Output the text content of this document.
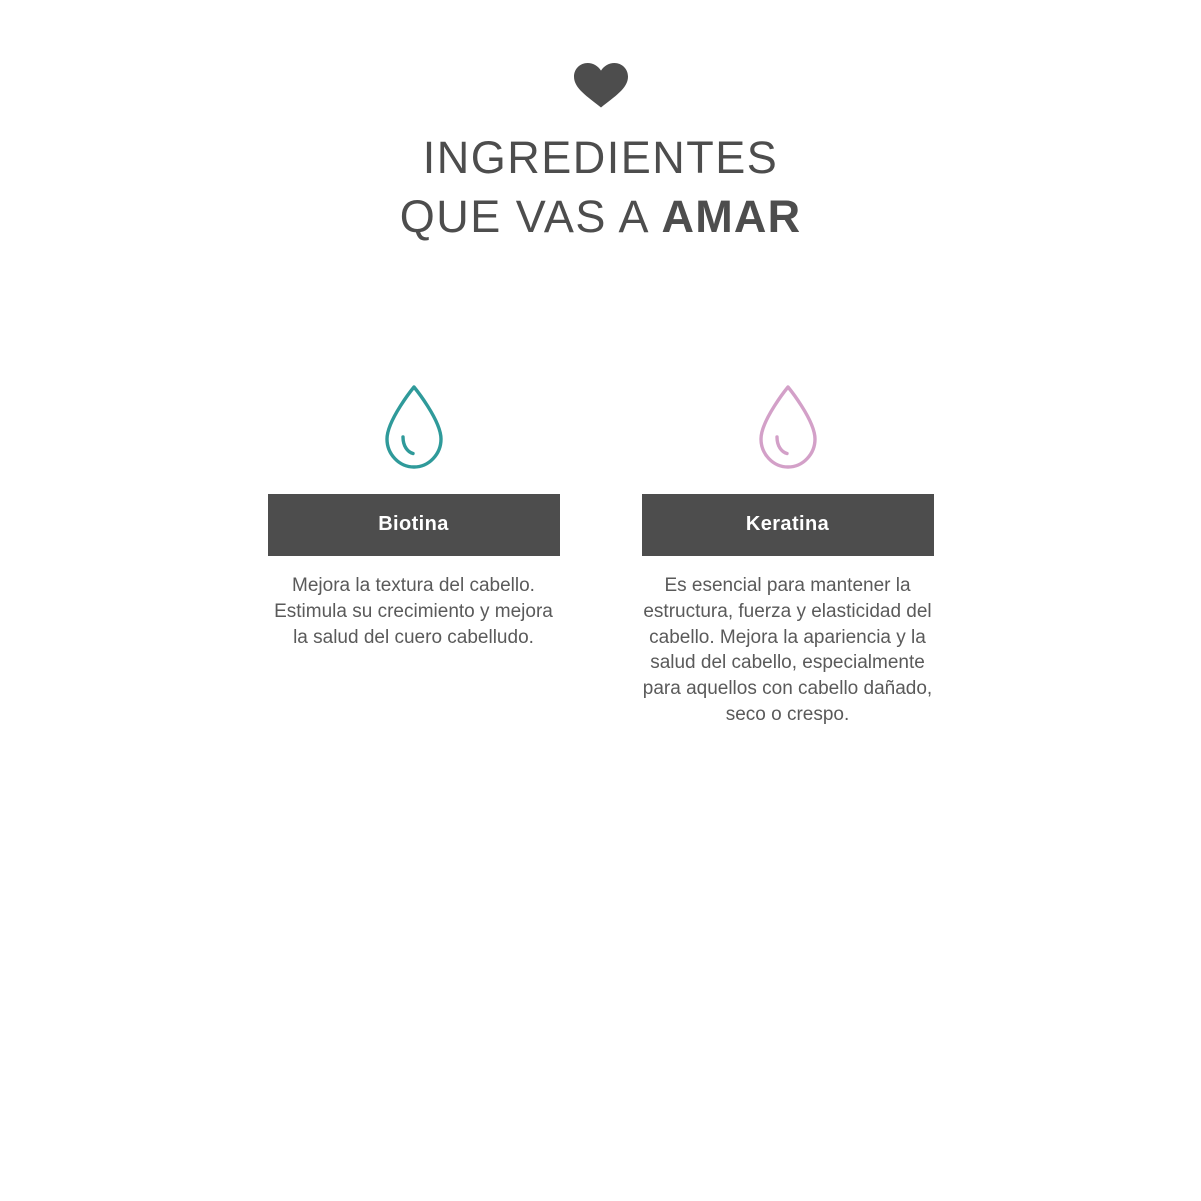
INGREDIENTES
QUE VAS A AMAR
Biotina
Mejora la textura del cabello. Estimula su crecimiento y mejora la salud del cuero cabelludo.
Keratina
Es esencial para mantener la estructura, fuerza y elasticidad del cabello. Mejora la apariencia y la salud del cabello, especialmente para aquellos con cabello dañado, seco o crespo.
